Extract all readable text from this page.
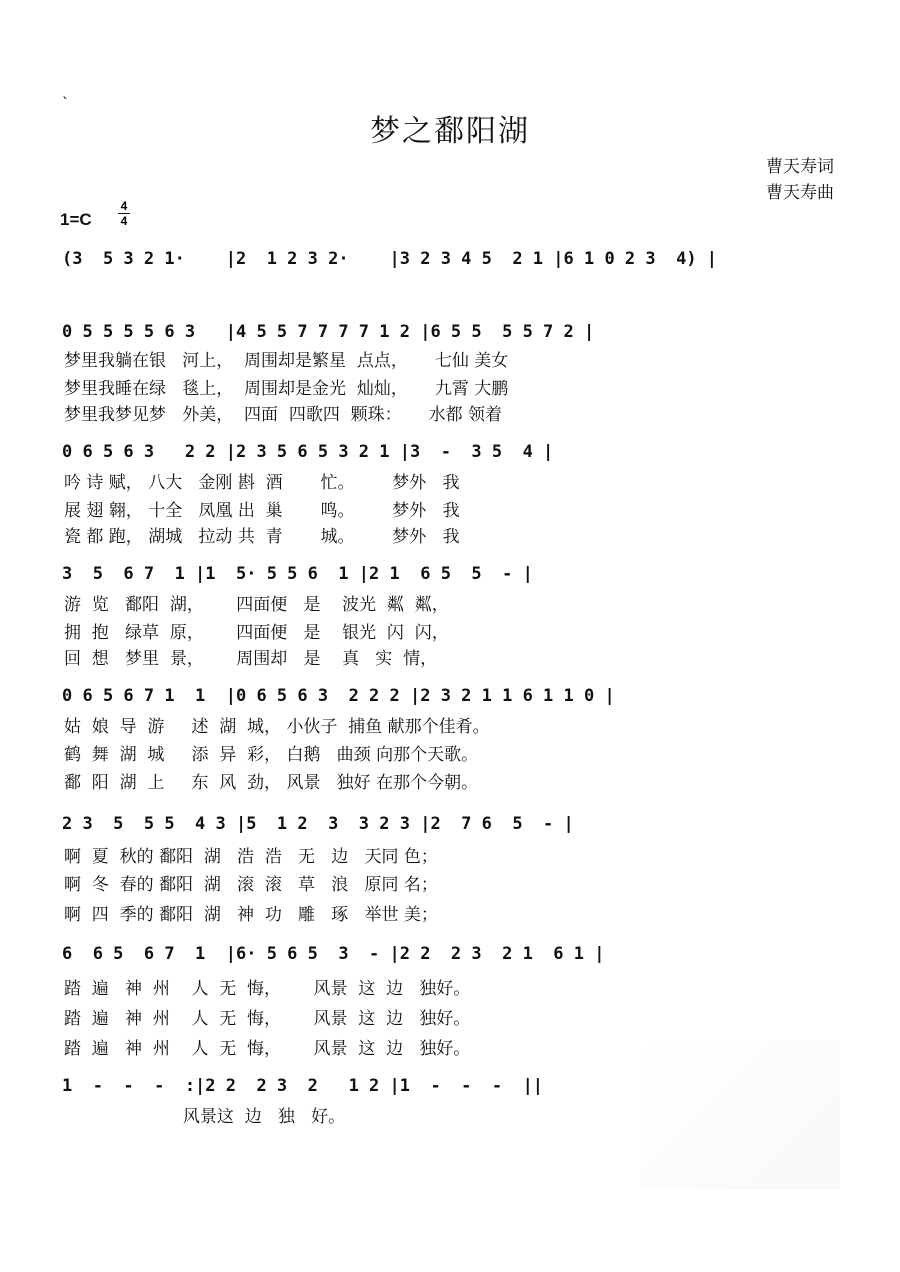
`
梦之鄱阳湖
曹天寿词
曹天寿曲
1=C
4
4
(3  5 3 2 1·    |2  1 2 3 2·    |3 2 3 4 5  2 1 |6 1 0 2 3  4) |
0 5 5 5 5 6 3   |4 5 5 7 7 7 7 1 2 |6 5 5  5 5 7 2 |
梦里我躺在银   河上，  周围却是繁星  点点，     七仙 美女
梦里我睡在绿   毯上，  周围却是金光  灿灿，     九霄 大鹏
梦里我梦见梦   外美，  四面  四歌四  颗珠：     水都 领着
0 6 5 6 3   2 2 |2 3 5 6 5 3 2 1 |3  -  3 5  4 |
吟 诗 赋， 八大   金刚 斟  酒       忙。       梦外   我
展 翅 翱， 十全   凤凰 出  巢       鸣。       梦外   我
瓷 都 跑， 湖城   拉动 共  青       城。       梦外   我
3  5  6 7  1 |1  5· 5 5 6  1 |2 1  6 5  5  - |
游  览   鄱阳  湖，      四面便   是    波光  粼  粼，
拥  抱   绿草  原，      四面便   是    银光  闪  闪，
回  想   梦里  景，      周围却   是    真   实  情，
0 6 5 6 7 1  1  |0 6 5 6 3  2 2 2 |2 3 2 1 1 6 1 1 0 |
姑  娘  导  游     述  湖  城， 小伙子  捕鱼 献那个佳肴。
鹤  舞  湖  城     添  异  彩， 白鹅   曲颈 向那个天歌。
鄱  阳  湖  上     东  风  劲， 风景   独好 在那个今朝。
2 3  5  5 5  4 3 |5  1 2  3  3 2 3 |2  7 6  5  - |
啊  夏  秋的 鄱阳  湖   浩  浩   无   边   天同 色；
啊  冬  春的 鄱阳  湖   滚  滚   草   浪   原同 名；
啊  四  季的 鄱阳  湖   神  功   雕   琢   举世 美；
6  6 5  6 7  1  |6· 5 6 5  3  - |2 2  2 3  2 1  6 1 |
踏  遍   神  州    人  无  悔，      风景  这  边   独好。
踏  遍   神  州    人  无  悔，      风景  这  边   独好。
踏  遍   神  州    人  无  悔，      风景  这  边   独好。
1  -  -  -  :|2 2  2 3  2   1 2 |1  -  -  -  ||
风景这  边   独   好。
